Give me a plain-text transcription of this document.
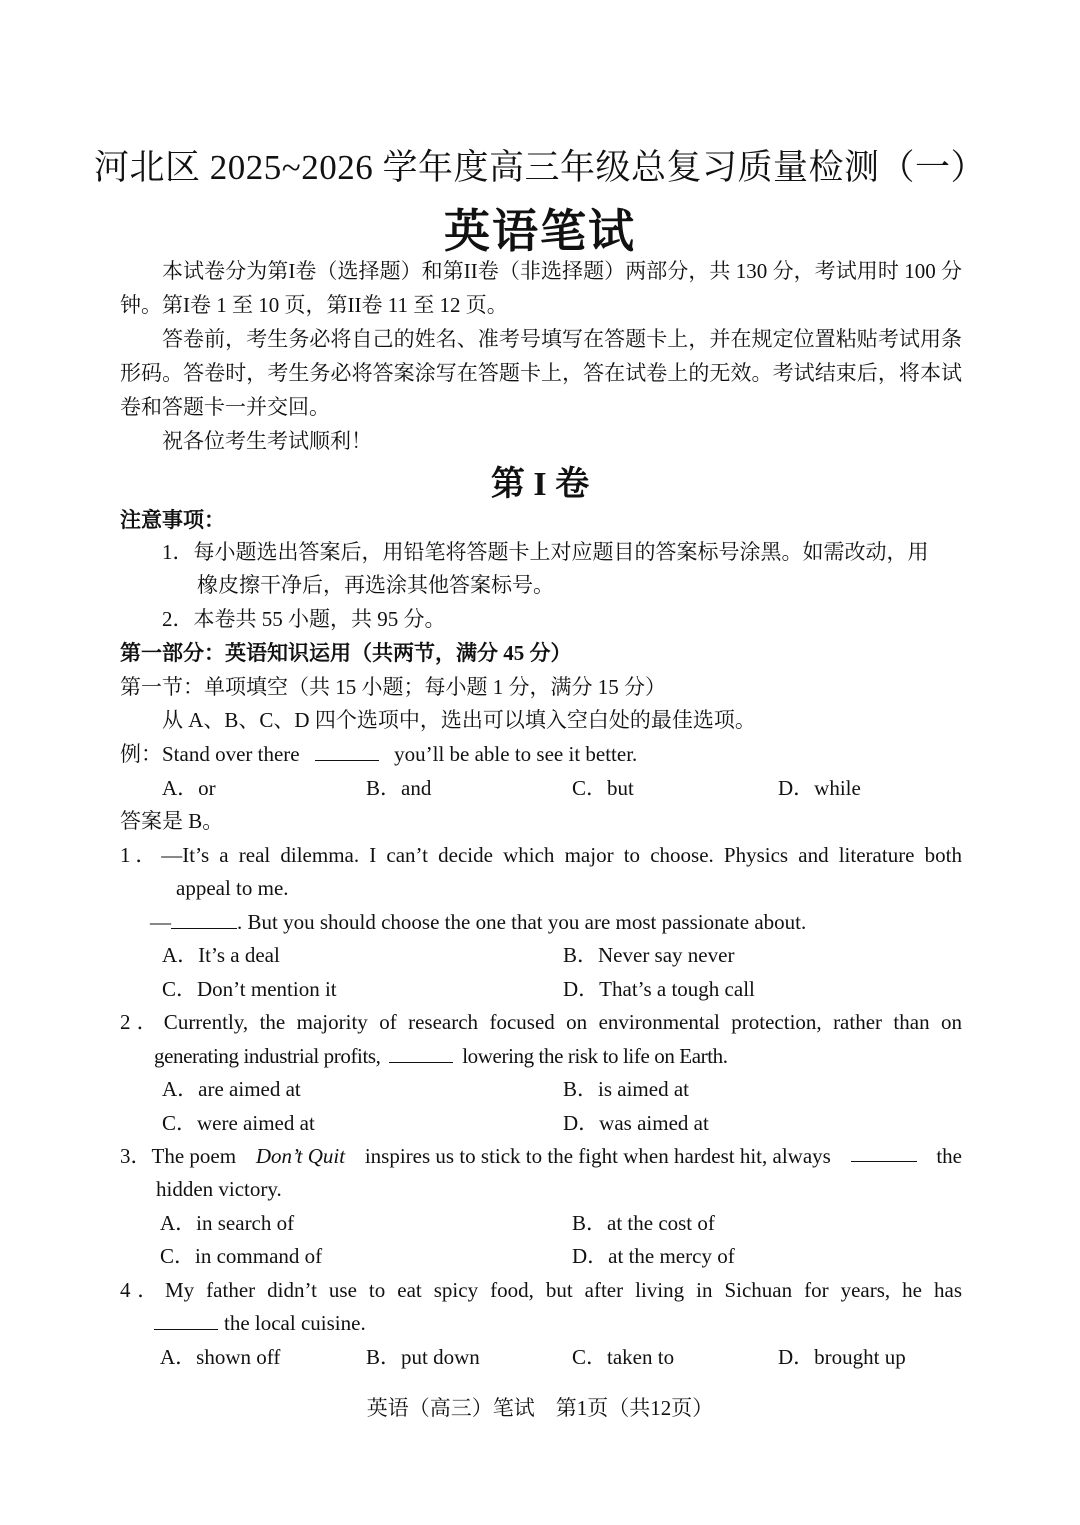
河北区 2025~2026 学年度高三年级总复习质量检测（一）
英语笔试
本试卷分为第I卷（选择题）和第II卷（非选择题）两部分，共 130 分，考试用时 100 分钟。第I卷 1 至 10 页，第II卷 11 至 12 页。
答卷前，考生务必将自己的姓名、准考号填写在答题卡上，并在规定位置粘贴考试用条形码。答卷时，考生务必将答案涂写在答题卡上，答在试卷上的无效。考试结束后，将本试卷和答题卡一并交回。
祝各位考生考试顺利！
第 I 卷
注意事项：
1．每小题选出答案后，用铅笔将答题卡上对应题目的答案标号涂黑。如需改动，用
橡皮擦干净后，再选涂其他答案标号。
2．本卷共 55 小题，共 95 分。
第一部分：英语知识运用（共两节，满分 45 分）
第一节：单项填空（共 15 小题；每小题 1 分，满分 15 分）
从 A、B、C、D 四个选项中，选出可以填入空白处的最佳选项。
例：Stand over there	you’ll be able to see it better.
A．or	B．and	C．but	D．while
答案是 B。
1．—It’s a real dilemma. I can’t decide which major to choose. Physics and literature both
appeal to me.
—	. But you should choose the one that you are most passionate about.
A．It’s a deal	B．Never say never
C．Don’t mention it	D．That’s a tough call
2．Currently, the majority of research focused on environmental protection, rather than on
generating industrial profits,	lowering the risk to life on Earth.
A．are aimed at	B．is aimed at
C．were aimed at	D．was aimed at
3．The poem Don’t Quit inspires us to stick to the fight when hardest hit, always	the
hidden victory.
A．in search of	B．at the cost of
C．in command of	D．at the mercy of
4．My father didn’t use to eat spicy food, but after living in Sichuan for years, he has
the local cuisine.
A．shown off	B．put down	C．taken to	D．brought up
英语（高三）笔试　第1页（共12页）
